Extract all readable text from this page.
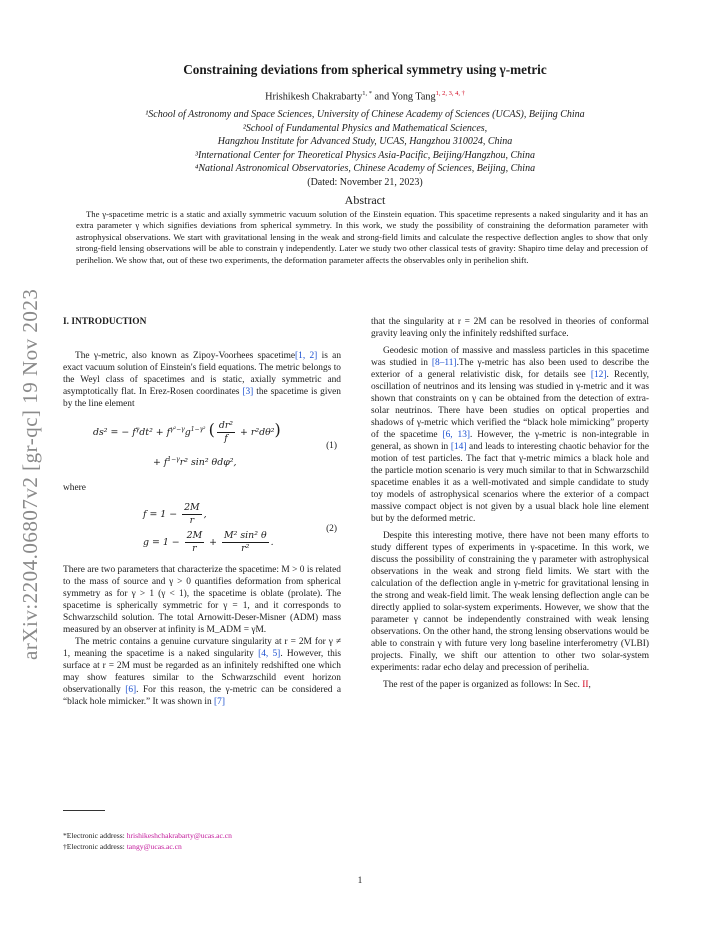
arXiv:2204.06807v2 [gr-qc] 19 Nov 2023
Constraining deviations from spherical symmetry using γ-metric
Hrishikesh Chakrabarty$^{1, *}$ and Yong Tang$^{1, 2, 3, 4, \dagger}$
¹School of Astronomy and Space Sciences, University of Chinese Academy of Sciences (UCAS), Beijing China
²School of Fundamental Physics and Mathematical Sciences,
Hangzhou Institute for Advanced Study, UCAS, Hangzhou 310024, China
³International Center for Theoretical Physics Asia-Pacific, Beijing/Hangzhou, China
⁴National Astronomical Observatories, Chinese Academy of Sciences, Beijing, China
(Dated: November 21, 2023)
Abstract
The γ-spacetime metric is a static and axially symmetric vacuum solution of the Einstein equation. This spacetime represents a naked singularity and it has an extra parameter γ which signifies deviations from spherical symmetry. In this work, we study the possibility of constraining the deformation parameter with astrophysical observations. We start with gravitational lensing in the weak and strong-field limits and calculate the respective deflection angles to show that only strong-field lensing observations will be able to constrain γ independently. Later we study two other classical tests of gravity: Shapiro time delay and precession of perihelion. We show that, out of these two experiments, the deformation parameter affects the observables only in perihelion shift.
I. INTRODUCTION

The γ-metric, also known as Zipoy-Voorhees spacetime[1, 2] is an exact vacuum solution of Einstein's field equations. The metric belongs to the Weyl class of spacetimes and is static, axially symmetric and asymptotically flat. In Erez-Rosen coordinates [3] the spacetime is given by the line element

ds² = − $f^\gamma dt^2 + f^{\gamma^2-\gamma}g^{1-\gamma^2}$ ( $\frac{\text{dr²}}{f} + r^2d\theta^2$)
+ $f^{1-\gamma}r^2$ sin² θdφ²,
(1)

where

$f = 1 - \frac{2M}{r}$ ,
$g = 1 - \frac{2M}{r} + \frac{\text{M² sin² θ}}{\text{r²}}$ .
(2)

There are two parameters that characterize the spacetime: M > 0 is related to the mass of source and γ > 0 quantifies deformation from spherical symmetry as for γ > 1 (γ < 1), the spacetime is oblate (prolate). The spacetime is spherically symmetric for γ = 1, and it corresponds to Schwarzschild solution. The total Arnowitt-Deser-Misner (ADM) mass measured by an observer at infinity is M_ADM = γM.

The metric contains a genuine curvature singularity at r = 2M for γ ≠ 1, meaning the spacetime is a naked singularity [4, 5]. However, this surface at r = 2M must be regarded as an infinitely redshifted one which may show features similar to the Schwarzschild event horizon observationally [6]. For this reason, the γ-metric can be considered a “black hole mimicker.” It was shown in [7]

that the singularity at r = 2M can be resolved in theories of conformal gravity leaving only the infinitely redshifted surface.

Geodesic motion of massive and massless particles in this spacetime was studied in [8–11].The γ-metric has also been used to describe the exterior of a general relativistic disk, for details see [12]. Recently, oscillation of neutrinos and its lensing was studied in γ-metric and it was shown that constraints on γ can be obtained from the detection of extra-solar neutrinos. There have been studies on optical properties and shadows of γ-metric which verified the “black hole mimicking” property of the spacetime [6, 13]. However, the γ-metric is non-integrable in general, as shown in [14] and leads to interesting chaotic behavior for the motion of test particles. The fact that γ-metric mimics a black hole and the particle motion scenario is very much similar to that in Schwarzschild spacetime enables it as a well-motivated and simple candidate to study toy models of astrophysical scenarios where the exterior of a compact massive compact object is not given by a usual black hole line element but by the deformed metric.

Despite this interesting motive, there have not been many efforts to study different types of experiments in γ-spacetime. In this work, we discuss the possibility of constraining the γ parameter with astrophysical observations in the weak and strong field limits. We start with the calculation of the deflection angle in γ-metric for gravitational lensing in the strong and weak-field limit. The weak lensing deflection angle can be directly applied to solar-system experiments. However, we show that the parameter γ cannot be independently constrained with weak lensing observations. On the other hand, the strong lensing observations would be able to constrain γ with future very long baseline interferometry (VLBI) projects. Finally, we shift our attention to other two solar-system experiments: radar echo delay and precession of perihelia.

The rest of the paper is organized as follows: In Sec. II,

*Electronic address: hrishikeshchakrabarty@ucas.ac.cn
†Electronic address: tangy@ucas.ac.cn
1
